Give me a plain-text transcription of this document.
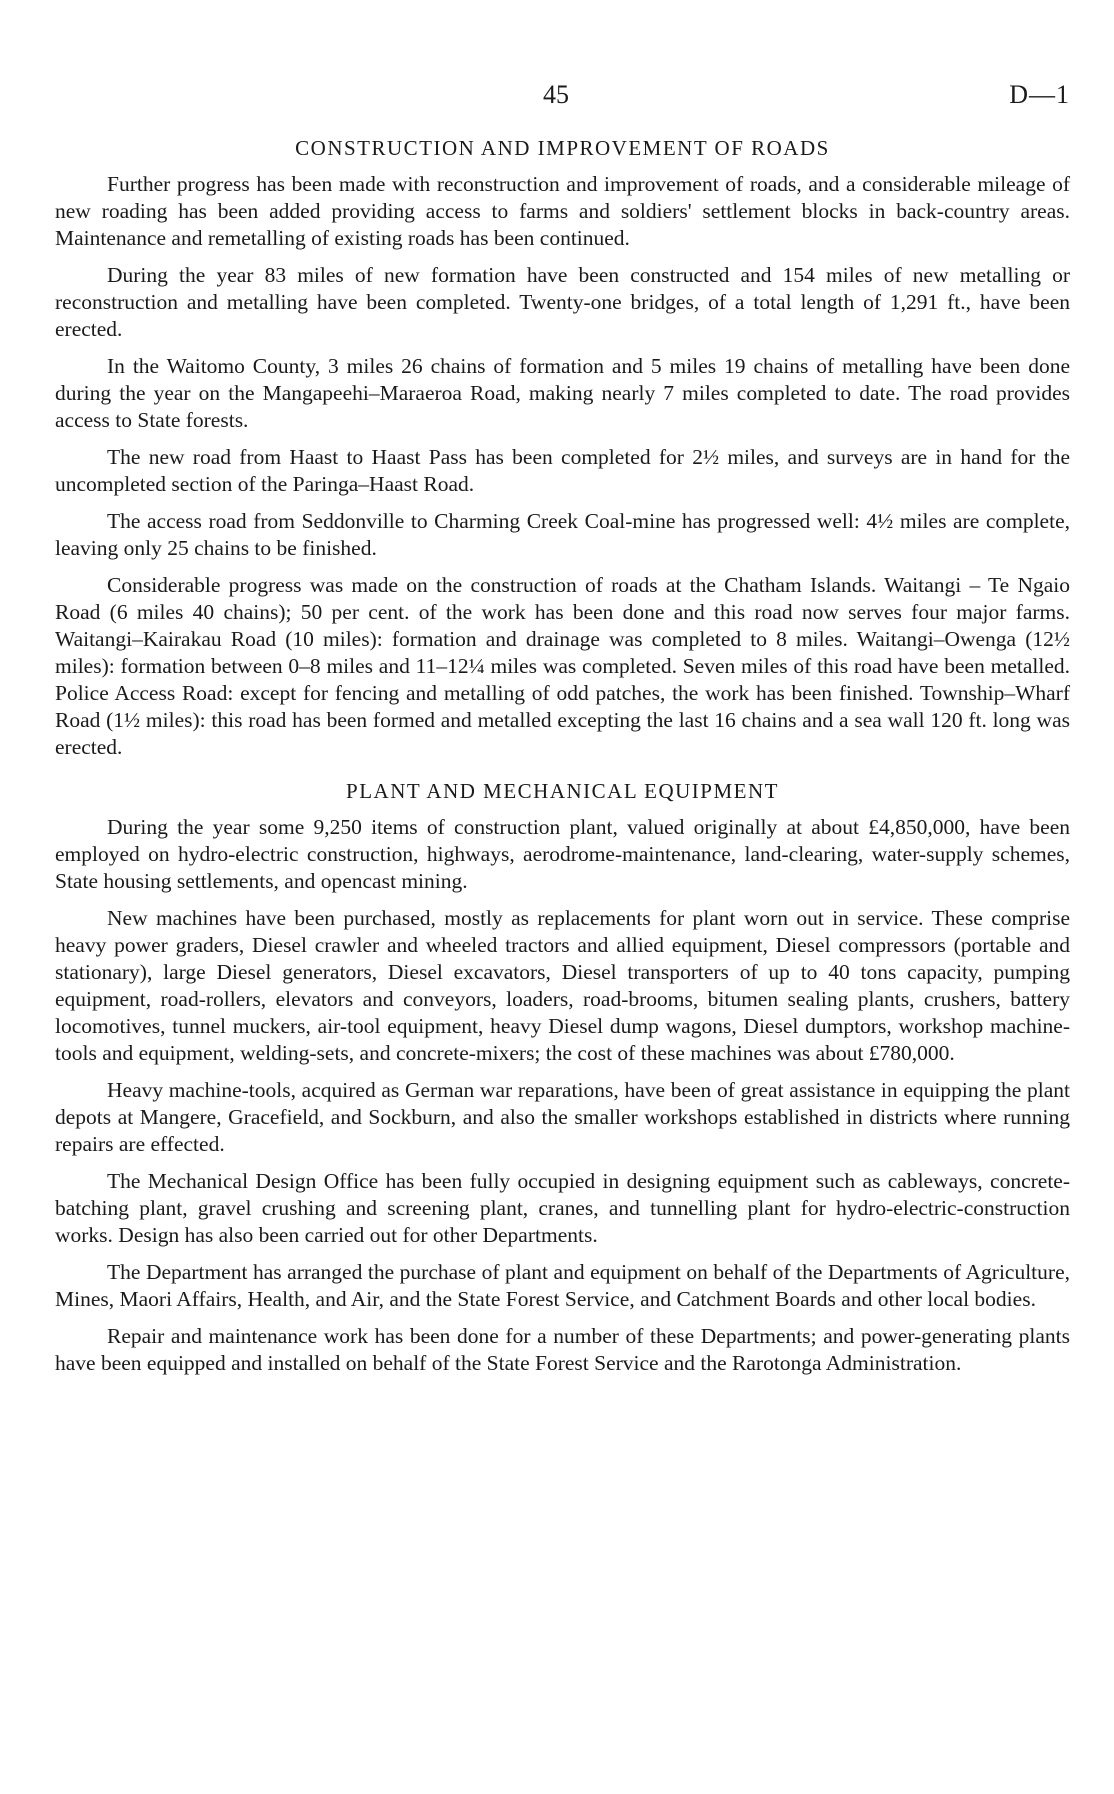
45	D—1
CONSTRUCTION AND IMPROVEMENT OF ROADS

Further progress has been made with reconstruction and improvement of roads, and a considerable mileage of new roading has been added providing access to farms and soldiers' settlement blocks in back-country areas. Maintenance and remetalling of existing roads has been continued.

During the year 83 miles of new formation have been constructed and 154 miles of new metalling or reconstruction and metalling have been completed. Twenty-one bridges, of a total length of 1,291 ft., have been erected.

In the Waitomo County, 3 miles 26 chains of formation and 5 miles 19 chains of metalling have been done during the year on the Mangapeehi–Maraeroa Road, making nearly 7 miles completed to date. The road provides access to State forests.

The new road from Haast to Haast Pass has been completed for 2½ miles, and surveys are in hand for the uncompleted section of the Paringa–Haast Road.

The access road from Seddonville to Charming Creek Coal-mine has progressed well: 4½ miles are complete, leaving only 25 chains to be finished.

Considerable progress was made on the construction of roads at the Chatham Islands. Waitangi – Te Ngaio Road (6 miles 40 chains); 50 per cent. of the work has been done and this road now serves four major farms. Waitangi–Kairakau Road (10 miles): formation and drainage was completed to 8 miles. Waitangi–Owenga (12½ miles): formation between 0–8 miles and 11–12¼ miles was completed. Seven miles of this road have been metalled. Police Access Road: except for fencing and metalling of odd patches, the work has been finished. Township–Wharf Road (1½ miles): this road has been formed and metalled excepting the last 16 chains and a sea wall 120 ft. long was erected.

PLANT AND MECHANICAL EQUIPMENT

During the year some 9,250 items of construction plant, valued originally at about £4,850,000, have been employed on hydro-electric construction, highways, aerodrome-maintenance, land-clearing, water-supply schemes, State housing settlements, and opencast mining.

New machines have been purchased, mostly as replacements for plant worn out in service. These comprise heavy power graders, Diesel crawler and wheeled tractors and allied equipment, Diesel compressors (portable and stationary), large Diesel generators, Diesel excavators, Diesel transporters of up to 40 tons capacity, pumping equipment, road-rollers, elevators and conveyors, loaders, road-brooms, bitumen sealing plants, crushers, battery locomotives, tunnel muckers, air-tool equipment, heavy Diesel dump wagons, Diesel dumptors, workshop machine-tools and equipment, welding-sets, and concrete-mixers; the cost of these machines was about £780,000.

Heavy machine-tools, acquired as German war reparations, have been of great assistance in equipping the plant depots at Mangere, Gracefield, and Sockburn, and also the smaller workshops established in districts where running repairs are effected.

The Mechanical Design Office has been fully occupied in designing equipment such as cableways, concrete-batching plant, gravel crushing and screening plant, cranes, and tunnelling plant for hydro-electric-construction works. Design has also been carried out for other Departments.

The Department has arranged the purchase of plant and equipment on behalf of the Departments of Agriculture, Mines, Maori Affairs, Health, and Air, and the State Forest Service, and Catchment Boards and other local bodies.

Repair and maintenance work has been done for a number of these Departments; and power-generating plants have been equipped and installed on behalf of the State Forest Service and the Rarotonga Administration.
